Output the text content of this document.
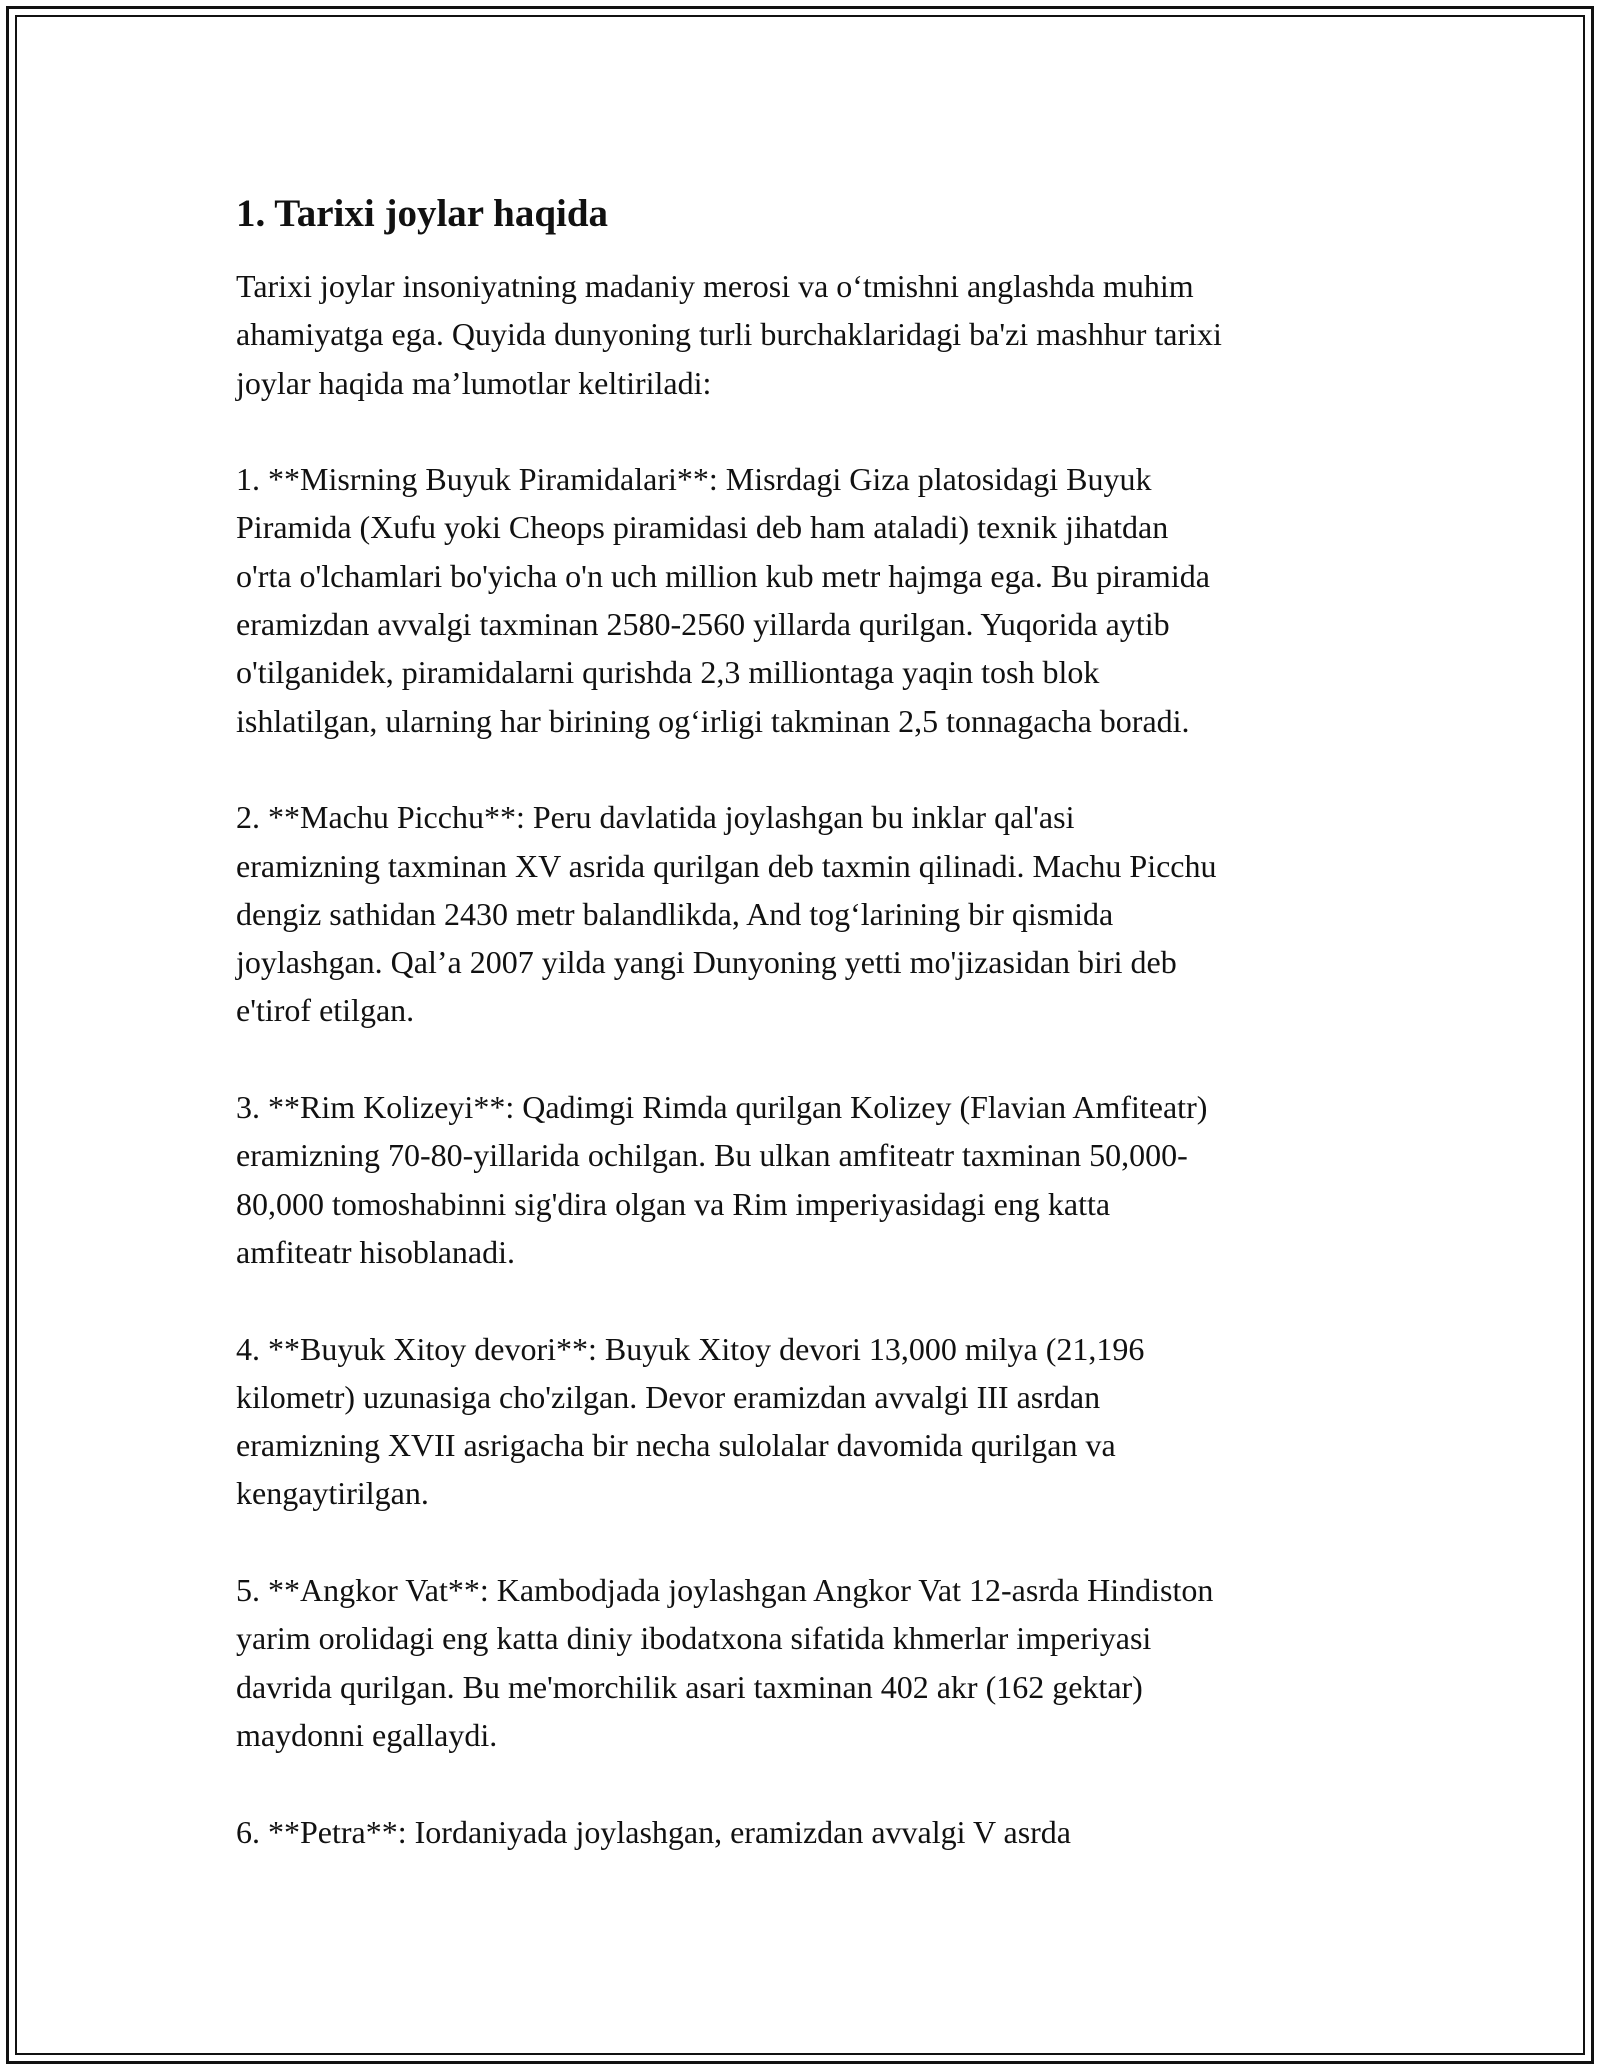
1. Tarixi joylar haqida
Tarixi joylar insoniyatning madaniy merosi va o‘tmishni anglashda muhim
ahamiyatga ega. Quyida dunyoning turli burchaklaridagi ba'zi mashhur tarixi
joylar haqida ma’lumotlar keltiriladi:
1. **Misrning Buyuk Piramidalari**: Misrdagi Giza platosidagi Buyuk
Piramida (Xufu yoki Cheops piramidasi deb ham ataladi) texnik jihatdan
o'rta o'lchamlari bo'yicha o'n uch million kub metr hajmga ega. Bu piramida
eramizdan avvalgi taxminan 2580-2560 yillarda qurilgan. Yuqorida aytib
o'tilganidek, piramidalarni qurishda 2,3 milliontaga yaqin tosh blok
ishlatilgan, ularning har birining og‘irligi takminan 2,5 tonnagacha boradi.
2. **Machu Picchu**: Peru davlatida joylashgan bu inklar qal'asi
eramizning taxminan XV asrida qurilgan deb taxmin qilinadi. Machu Picchu
dengiz sathidan 2430 metr balandlikda, And tog‘larining bir qismida
joylashgan. Qal’a 2007 yilda yangi Dunyoning yetti mo'jizasidan biri deb
e'tirof etilgan.
3. **Rim Kolizeyi**: Qadimgi Rimda qurilgan Kolizey (Flavian Amfiteatr)
eramizning 70-80-yillarida ochilgan. Bu ulkan amfiteatr taxminan 50,000-
80,000 tomoshabinni sig'dira olgan va Rim imperiyasidagi eng katta
amfiteatr hisoblanadi.
4. **Buyuk Xitoy devori**: Buyuk Xitoy devori 13,000 milya (21,196
kilometr) uzunasiga cho'zilgan. Devor eramizdan avvalgi III asrdan
eramizning XVII asrigacha bir necha sulolalar davomida qurilgan va
kengaytirilgan.
5. **Angkor Vat**: Kambodjada joylashgan Angkor Vat 12-asrda Hindiston
yarim orolidagi eng katta diniy ibodatxona sifatida khmerlar imperiyasi
davrida qurilgan. Bu me'morchilik asari taxminan 402 akr (162 gektar)
maydonni egallaydi.
6. **Petra**: Iordaniyada joylashgan, eramizdan avvalgi V asrda
